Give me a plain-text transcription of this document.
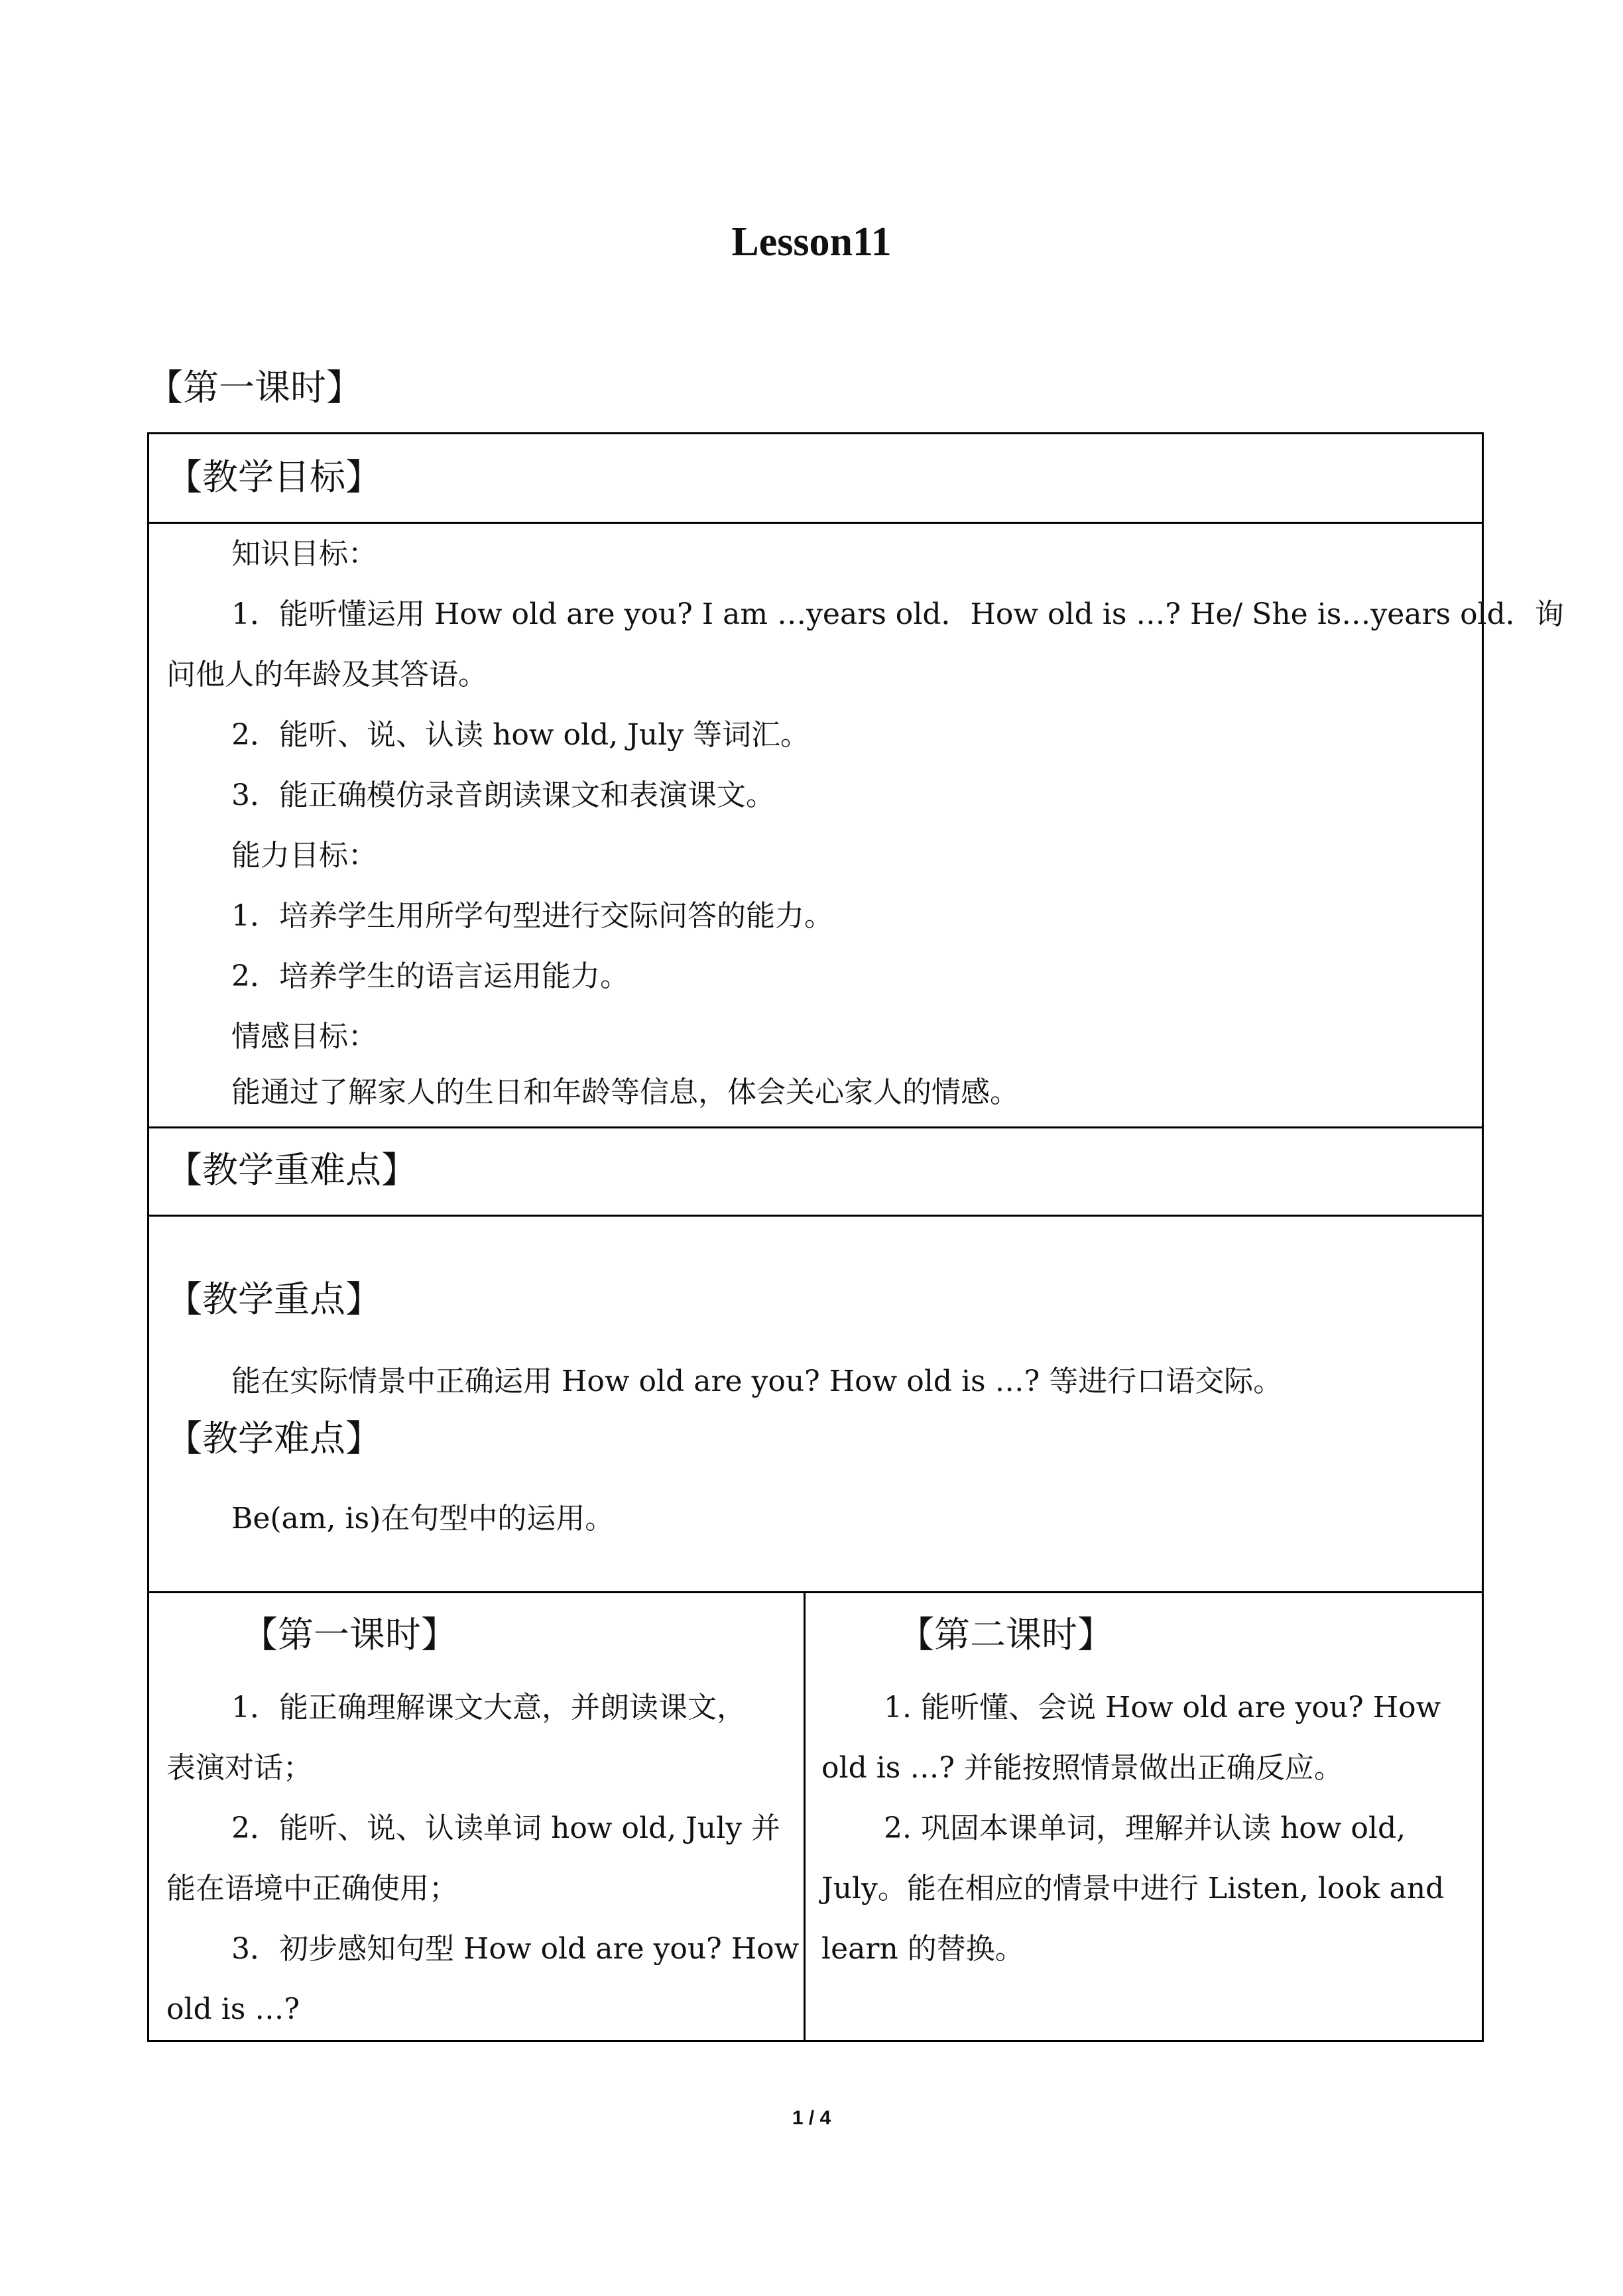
Lesson11
【第一课时】
【教学目标】
知识目标：
1．能听懂运用 How old are you? I am …years old．How old is …? He/ She is…years old．询
问他人的年龄及其答语。
2．能听、说、认读 how old, July 等词汇。
3．能正确模仿录音朗读课文和表演课文。
能力目标：
1．培养学生用所学句型进行交际问答的能力。
2．培养学生的语言运用能力。
情感目标：
能通过了解家人的生日和年龄等信息，体会关心家人的情感。
【教学重难点】
【教学重点】
能在实际情景中正确运用 How old are you? How old is …? 等进行口语交际。
【教学难点】
Be(am, is)在句型中的运用。
【第一课时】
1．能正确理解课文大意，并朗读课文，
表演对话；
2．能听、说、认读单词 how old, July 并
能在语境中正确使用；
3．初步感知句型 How old are you? How
old is …?
【第二课时】
1. 能听懂、会说 How old are you? How
old is …? 并能按照情景做出正确反应。
2. 巩固本课单词，理解并认读 how old,
July。能在相应的情景中进行 Listen, look and
learn 的替换。
1 / 4
